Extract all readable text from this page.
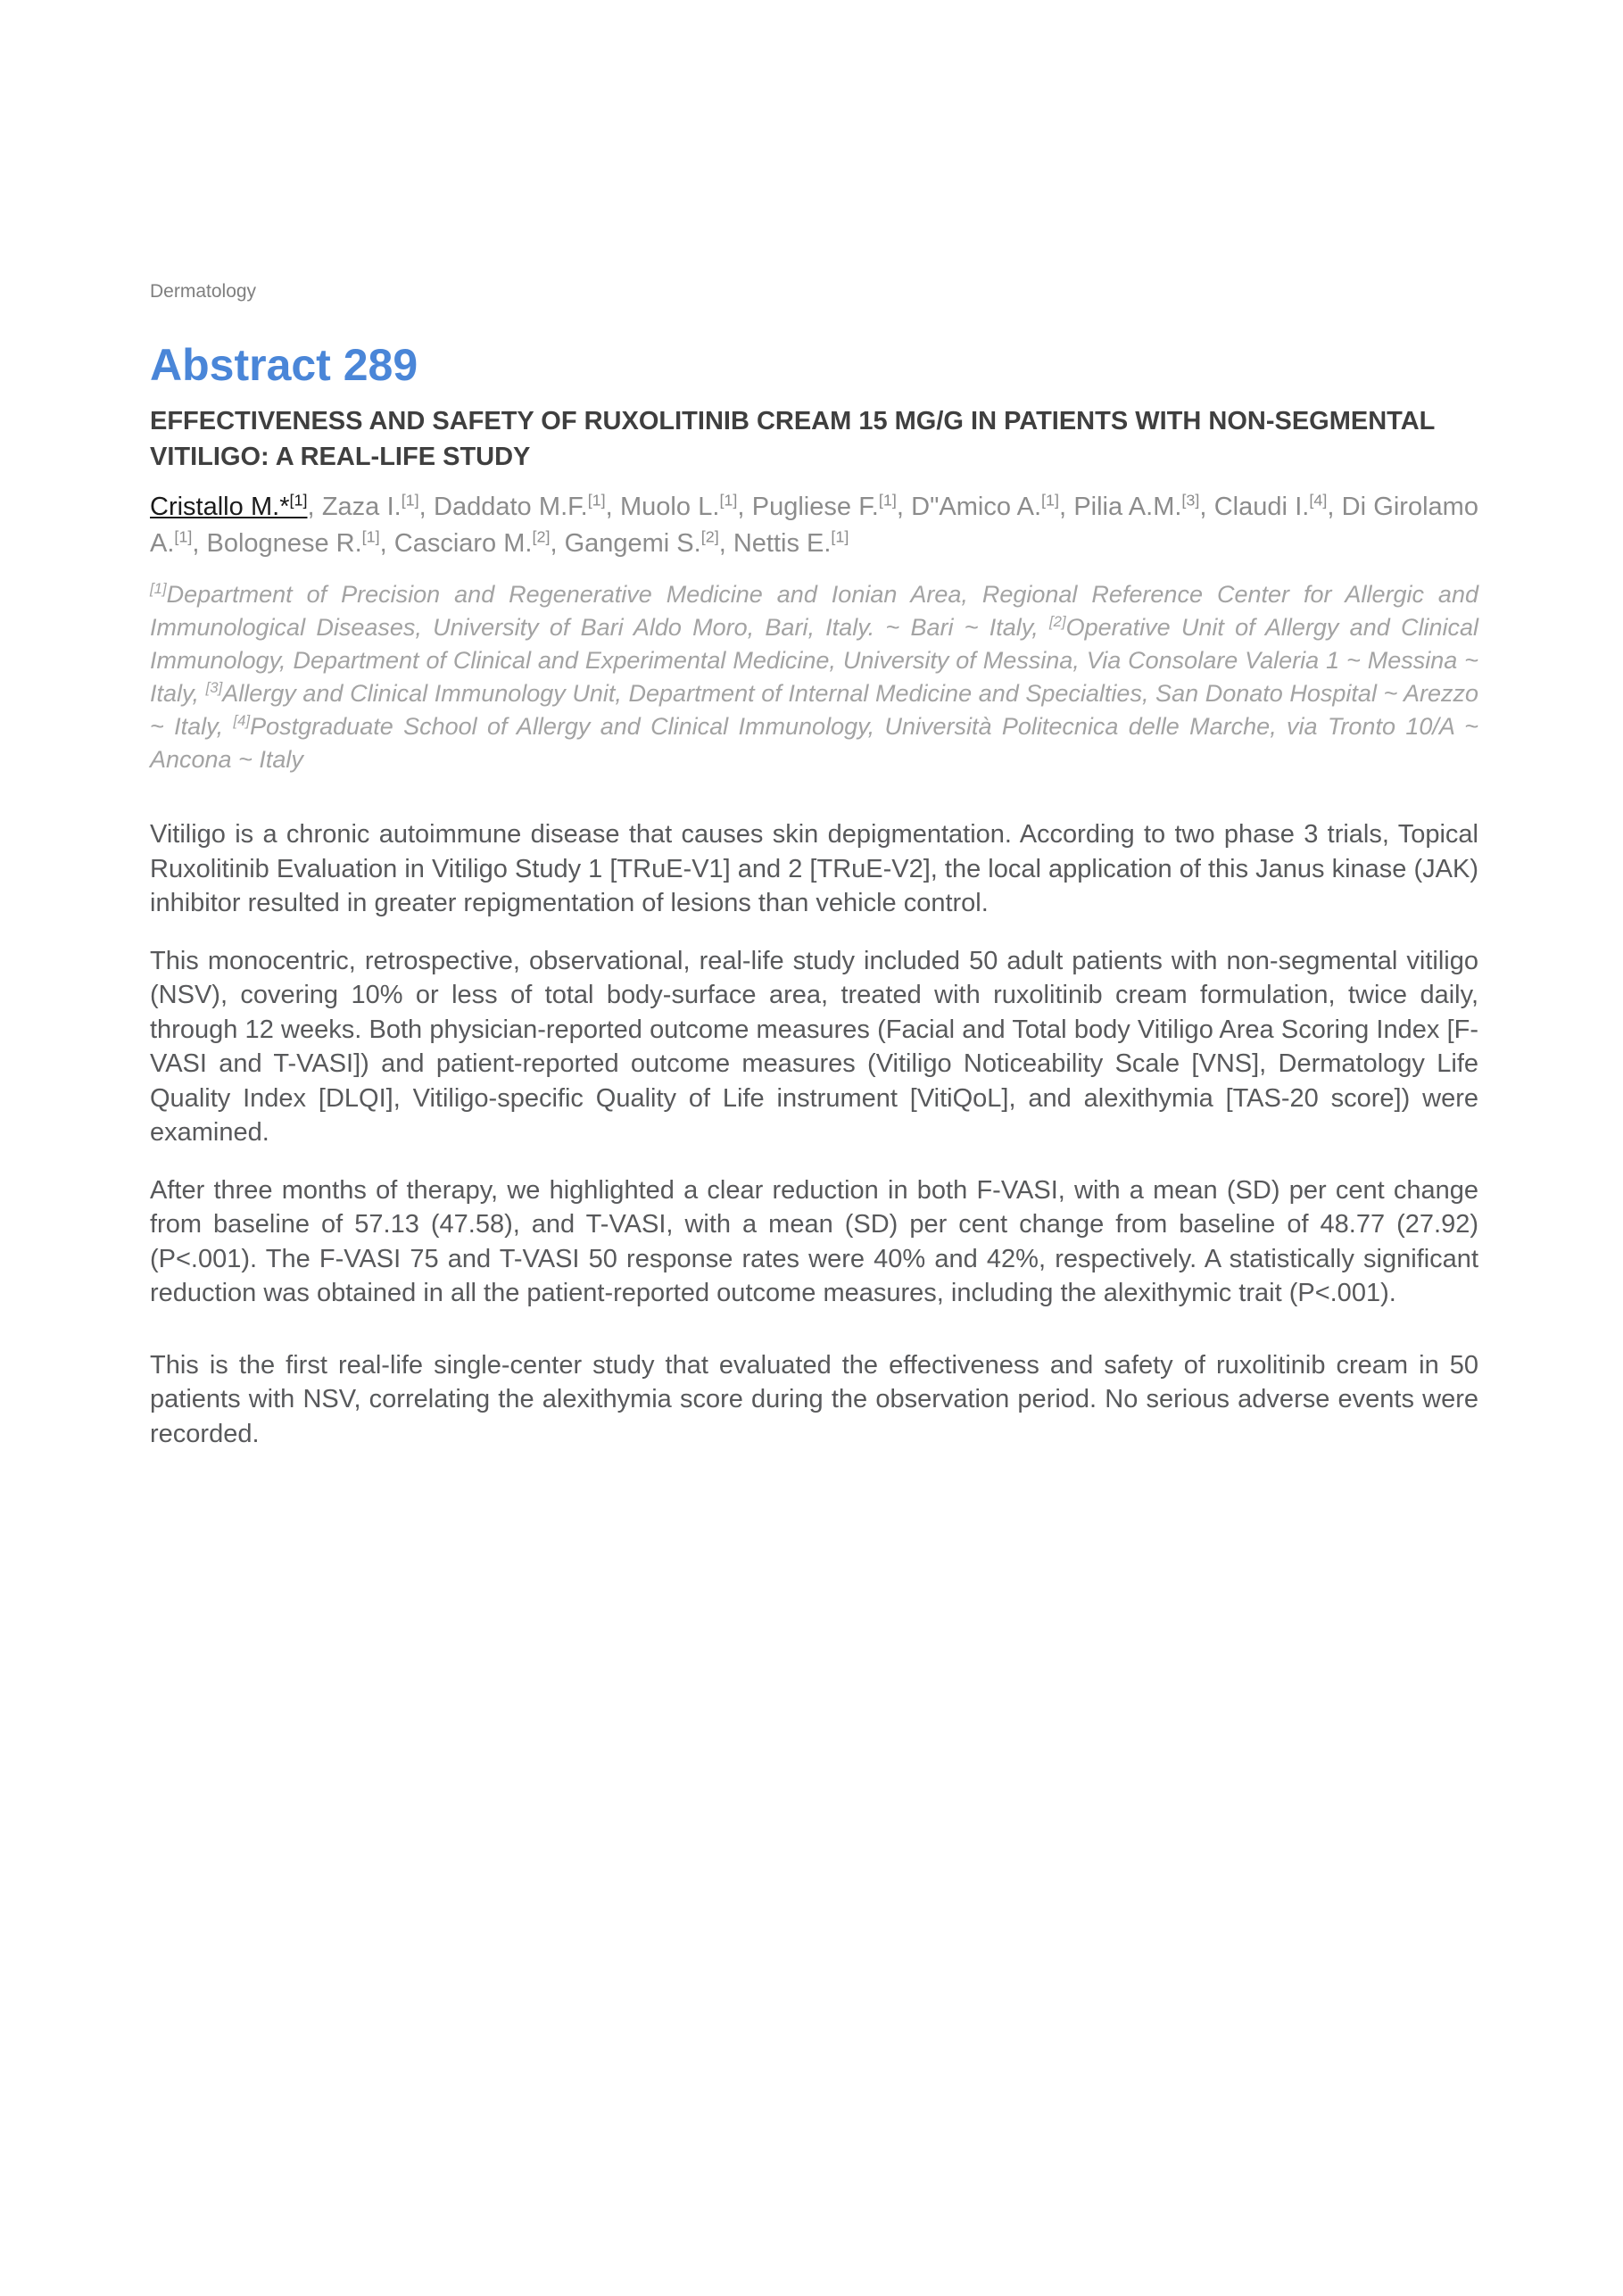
Dermatology
Abstract 289
EFFECTIVENESS AND SAFETY OF RUXOLITINIB CREAM 15 MG/G IN PATIENTS WITH NON-SEGMENTAL VITILIGO: A REAL-LIFE STUDY
Cristallo M.*[1], Zaza I.[1], Daddato M.F.[1], Muolo L.[1], Pugliese F.[1], D"Amico A.[1], Pilia A.M.[3], Claudi I.[4], Di Girolamo A.[1], Bolognese R.[1], Casciaro M.[2], Gangemi S.[2], Nettis E.[1]
[1]Department of Precision and Regenerative Medicine and Ionian Area, Regional Reference Center for Allergic and Immunological Diseases, University of Bari Aldo Moro, Bari, Italy. ~ Bari ~ Italy, [2]Operative Unit of Allergy and Clinical Immunology, Department of Clinical and Experimental Medicine, University of Messina, Via Consolare Valeria 1 ~ Messina ~ Italy, [3]Allergy and Clinical Immunology Unit, Department of Internal Medicine and Specialties, San Donato Hospital ~ Arezzo ~ Italy, [4]Postgraduate School of Allergy and Clinical Immunology, Università Politecnica delle Marche, via Tronto 10/A ~ Ancona ~ Italy

Vitiligo is a chronic autoimmune disease that causes skin depigmentation. According to two phase 3 trials, Topical Ruxolitinib Evaluation in Vitiligo Study 1 [TRuE-V1] and 2 [TRuE-V2], the local application of this Janus kinase (JAK) inhibitor resulted in greater repigmentation of lesions than vehicle control.

This monocentric, retrospective, observational, real-life study included 50 adult patients with non-segmental vitiligo (NSV), covering 10% or less of total body-surface area, treated with ruxolitinib cream formulation, twice daily, through 12 weeks. Both physician-reported outcome measures (Facial and Total body Vitiligo Area Scoring Index [F-VASI and T-VASI]) and patient-reported outcome measures (Vitiligo Noticeability Scale [VNS], Dermatology Life Quality Index [DLQI], Vitiligo-specific Quality of Life instrument [VitiQoL], and alexithymia [TAS-20 score]) were examined.

After three months of therapy, we highlighted a clear reduction in both F-VASI, with a mean (SD) per cent change from baseline of 57.13 (47.58), and T-VASI, with a mean (SD) per cent change from baseline of 48.77 (27.92) (P<.001). The F-VASI 75 and T-VASI 50 response rates were 40% and 42%, respectively. A statistically significant reduction was obtained in all the patient-reported outcome measures, including the alexithymic trait (P<.001).

This is the first real-life single-center study that evaluated the effectiveness and safety of ruxolitinib cream in 50 patients with NSV, correlating the alexithymia score during the observation period. No serious adverse events were recorded.
